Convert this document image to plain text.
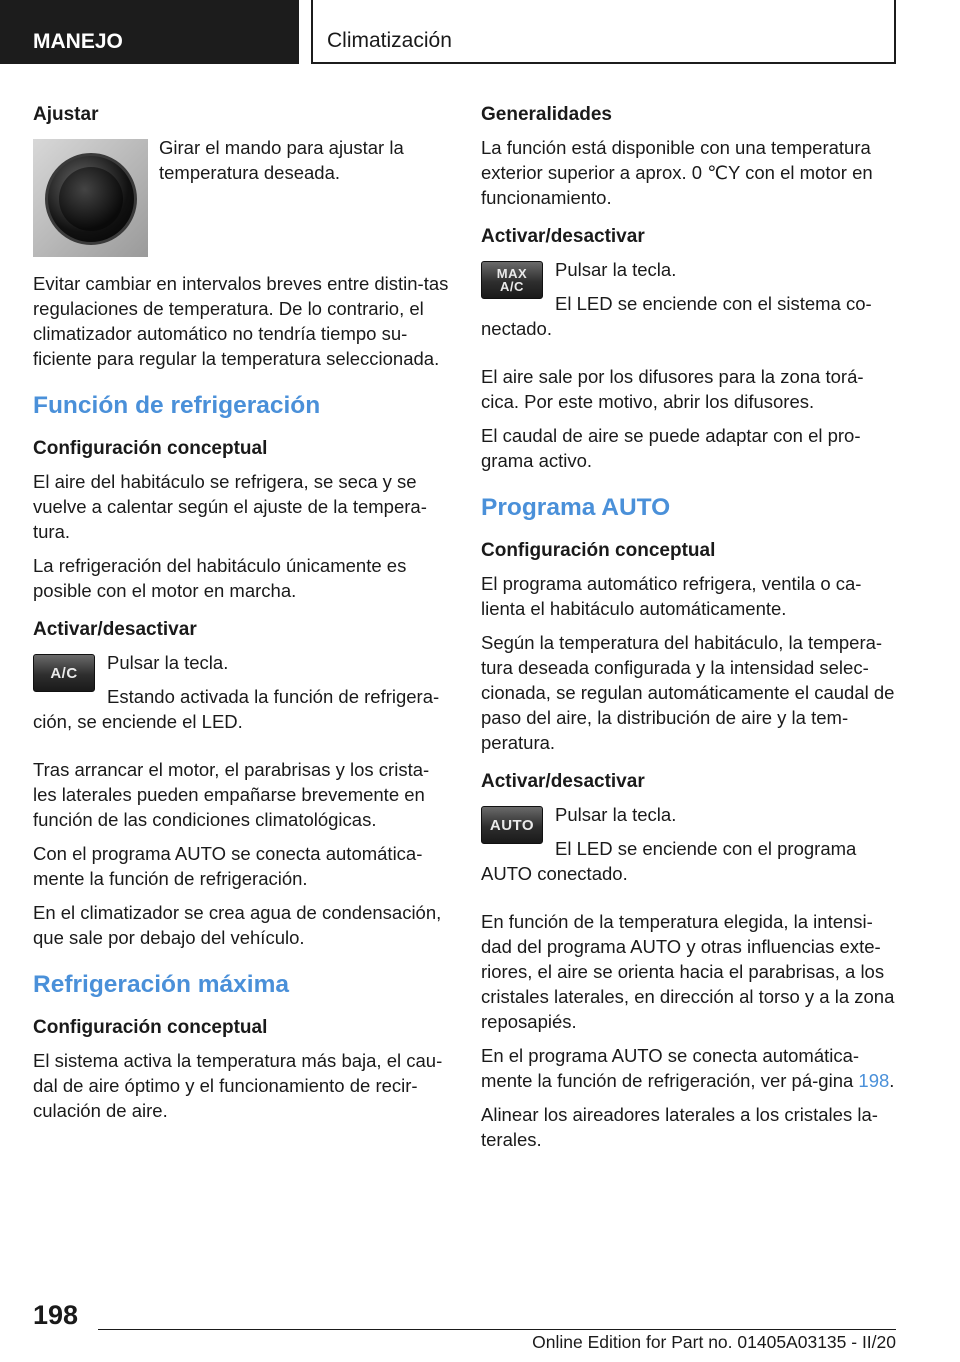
MANEJO	Climatización
Ajustar

Girar el mando para ajustar la temperatura deseada.

Evitar cambiar en intervalos breves entre distin‐tas regulaciones de temperatura. De lo contrario, el climatizador automático no tendría tiempo su‐ficiente para regular la temperatura seleccionada.

Función de refrigeración
Configuración conceptual

El aire del habitáculo se refrigera, se seca y se vuelve a calentar según el ajuste de la tempera‐tura.

La refrigeración del habitáculo únicamente es posible con el motor en marcha.

Activar/desactivar
A/C	Pulsar la tecla.

Estando activada la función de refrigera‐ción, se enciende el LED.

Tras arrancar el motor, el parabrisas y los crista‐les laterales pueden empañarse brevemente en función de las condiciones climatológicas.

Con el programa AUTO se conecta automática‐mente la función de refrigeración.

En el climatizador se crea agua de condensación, que sale por debajo del vehículo.

Refrigeración máxima
Configuración conceptual

El sistema activa la temperatura más baja, el cau‐dal de aire óptimo y el funcionamiento de recir‐culación de aire.

Generalidades

La función está disponible con una temperatura exterior superior a aprox. 0 ℃Y con el motor en funcionamiento.

Activar/desactivar
MAX
A/C

Pulsar la tecla.

El LED se enciende con el sistema co‐nectado.

El aire sale por los difusores para la zona torá‐cica. Por este motivo, abrir los difusores.

El caudal de aire se puede adaptar con el pro‐grama activo.

Programa AUTO
Configuración conceptual

El programa automático refrigera, ventila o ca‐lienta el habitáculo automáticamente.

Según la temperatura del habitáculo, la tempera‐tura deseada configurada y la intensidad selec‐cionada, se regulan automáticamente el caudal de paso del aire, la distribución de aire y la tem‐peratura.

Activar/desactivar
AUTO	Pulsar la tecla.

El LED se enciende con el programa AUTO conectado.

En función de la temperatura elegida, la intensi‐dad del programa AUTO y otras influencias exte‐riores, el aire se orienta hacia el parabrisas, a los cristales laterales, en dirección al torso y a la zona reposapiés.

En el programa AUTO se conecta automática‐mente la función de refrigeración, ver pá‐gina 198.

Alinear los aireadores laterales a los cristales la‐terales.

198
Online Edition for Part no. 01405A03135 - II/20
